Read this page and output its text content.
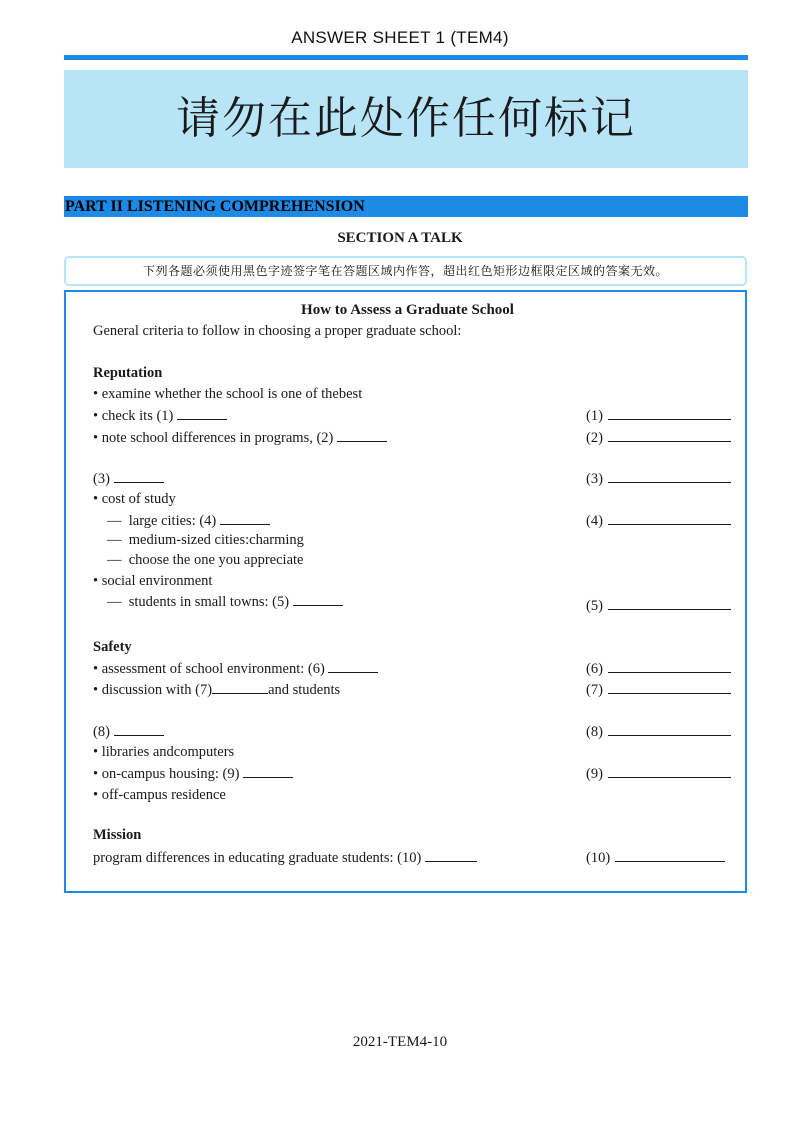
ANSWER SHEET 1 (TEM4)
请勿在此处作任何标记
PART II LISTENING COMPREHENSION
SECTION A TALK
下列各题必须使用黑色字迹签字笔在答题区域内作答，超出红色矩形边框限定区域的答案无效。
How to Assess a Graduate School
General criteria to follow in choosing a proper graduate school:
Reputation
• examine whether the school is one of thebest
• check its (1)
• note school differences in programs, (2)
(3)
• cost of study
—  large cities: (4)
—  medium-sized cities:charming
—  choose the one you appreciate
• social environment
—  students in small towns: (5)
Safety
• assessment of school environment: (6)
• discussion with (7)	and students
(8)
• libraries andcomputers
• on-campus housing: (9)
• off-campus residence
Mission
program differences in educating graduate students: (10)
(1)
(2)
(3)
(4)
(5)
(6)
(7)
(8)
(9)
(10)
2021-TEM4-10
